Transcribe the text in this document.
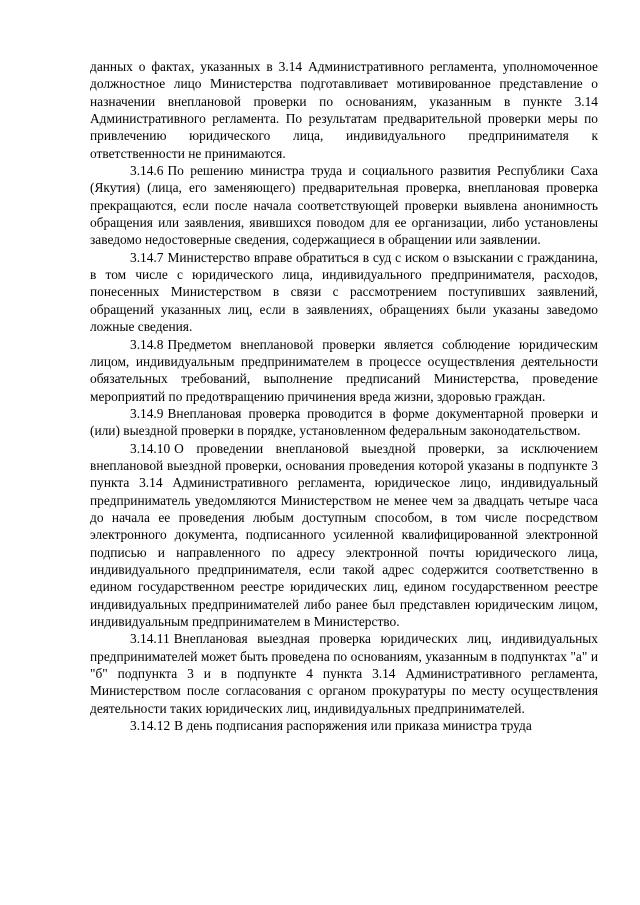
данных о фактах, указанных в 3.14 Административного регламента, уполномоченное должностное лицо Министерства подготавливает мотивированное представление о назначении внеплановой проверки по основаниям, указанным в пункте 3.14 Административного регламента. По результатам предварительной проверки меры по привлечению юридического лица, индивидуального предпринимателя к ответственности не принимаются.

3.14.6 По решению министра труда и социального развития Республики Саха (Якутия) (лица, его заменяющего) предварительная проверка, внеплановая проверка прекращаются, если после начала соответствующей проверки выявлена анонимность обращения или заявления, явившихся поводом для ее организации, либо установлены заведомо недостоверные сведения, содержащиеся в обращении или заявлении.

3.14.7 Министерство вправе обратиться в суд с иском о взыскании с гражданина, в том числе с юридического лица, индивидуального предпринимателя, расходов, понесенных Министерством в связи с рассмотрением поступивших заявлений, обращений указанных лиц, если в заявлениях, обращениях были указаны заведомо ложные сведения.

3.14.8 Предметом внеплановой проверки является соблюдение юридическим лицом, индивидуальным предпринимателем в процессе осуществления деятельности обязательных требований, выполнение предписаний Министерства, проведение мероприятий по предотвращению причинения вреда жизни, здоровью граждан.

3.14.9 Внеплановая проверка проводится в форме документарной проверки и (или) выездной проверки в порядке, установленном федеральным законодательством.

3.14.10 О проведении внеплановой выездной проверки, за исключением внеплановой выездной проверки, основания проведения которой указаны в подпункте 3 пункта 3.14 Административного регламента, юридическое лицо, индивидуальный предприниматель уведомляются Министерством не менее чем за двадцать четыре часа до начала ее проведения любым доступным способом, в том числе посредством электронного документа, подписанного усиленной квалифицированной электронной подписью и направленного по адресу электронной почты юридического лица, индивидуального предпринимателя, если такой адрес содержится соответственно в едином государственном реестре юридических лиц, едином государственном реестре индивидуальных предпринимателей либо ранее был представлен юридическим лицом, индивидуальным предпринимателем в Министерство.

3.14.11 Внеплановая выездная проверка юридических лиц, индивидуальных предпринимателей может быть проведена по основаниям, указанным в подпунктах "а" и "б" подпункта 3 и в подпункте 4 пункта 3.14 Административного регламента, Министерством после согласования с органом прокуратуры по месту осуществления деятельности таких юридических лиц, индивидуальных предпринимателей.

3.14.12 В день подписания распоряжения или приказа министра труда
